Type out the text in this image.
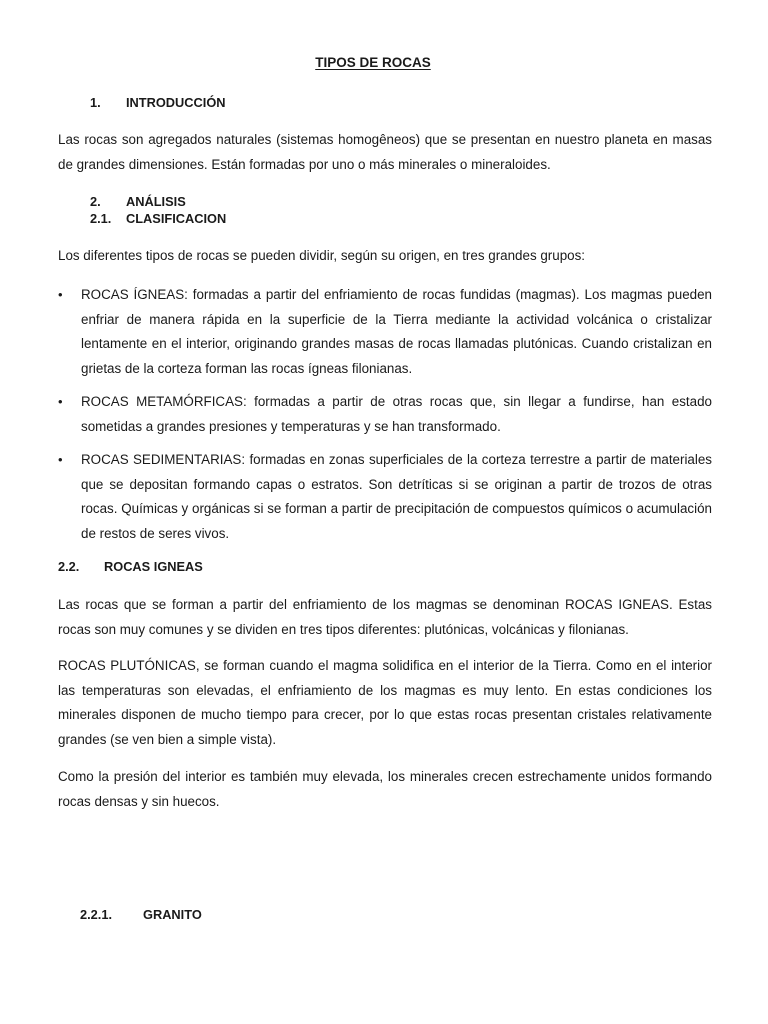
TIPOS DE ROCAS
1. INTRODUCCIÓN
Las rocas son agregados naturales (sistemas homogêneos) que se presentan en nuestro planeta en masas de grandes dimensiones. Están formadas por uno o más minerales o mineraloides.
2. ANÁLISIS
2.1. CLASIFICACION
Los diferentes tipos de rocas se pueden dividir, según su origen, en tres grandes grupos:
• ROCAS ÍGNEAS: formadas a partir del enfriamiento de rocas fundidas (magmas). Los magmas pueden enfriar de manera rápida en la superficie de la Tierra mediante la actividad volcánica o cristalizar lentamente en el interior, originando grandes masas de rocas llamadas plutónicas. Cuando cristalizan en grietas de la corteza forman las rocas ígneas filonianas.
• ROCAS METAMÓRFICAS: formadas a partir de otras rocas que, sin llegar a fundirse, han estado sometidas a grandes presiones y temperaturas y se han transformado.
• ROCAS SEDIMENTARIAS: formadas en zonas superficiales de la corteza terrestre a partir de materiales que se depositan formando capas o estratos. Son detríticas si se originan a partir de trozos de otras rocas. Químicas y orgánicas si se forman a partir de precipitación de compuestos químicos o acumulación de restos de seres vivos.
2.2. ROCAS IGNEAS
Las rocas que se forman a partir del enfriamiento de los magmas se denominan ROCAS IGNEAS. Estas rocas son muy comunes y se dividen en tres tipos diferentes: plutónicas, volcánicas y filonianas.
ROCAS PLUTÓNICAS, se forman cuando el magma solidifica en el interior de la Tierra. Como en el interior las temperaturas son elevadas, el enfriamiento de los magmas es muy lento. En estas condiciones los minerales disponen de mucho tiempo para crecer, por lo que estas rocas presentan cristales relativamente grandes (se ven bien a simple vista).
Como la presión del interior es también muy elevada, los minerales crecen estrechamente unidos formando rocas densas y sin huecos.
2.2.1. GRANITO
